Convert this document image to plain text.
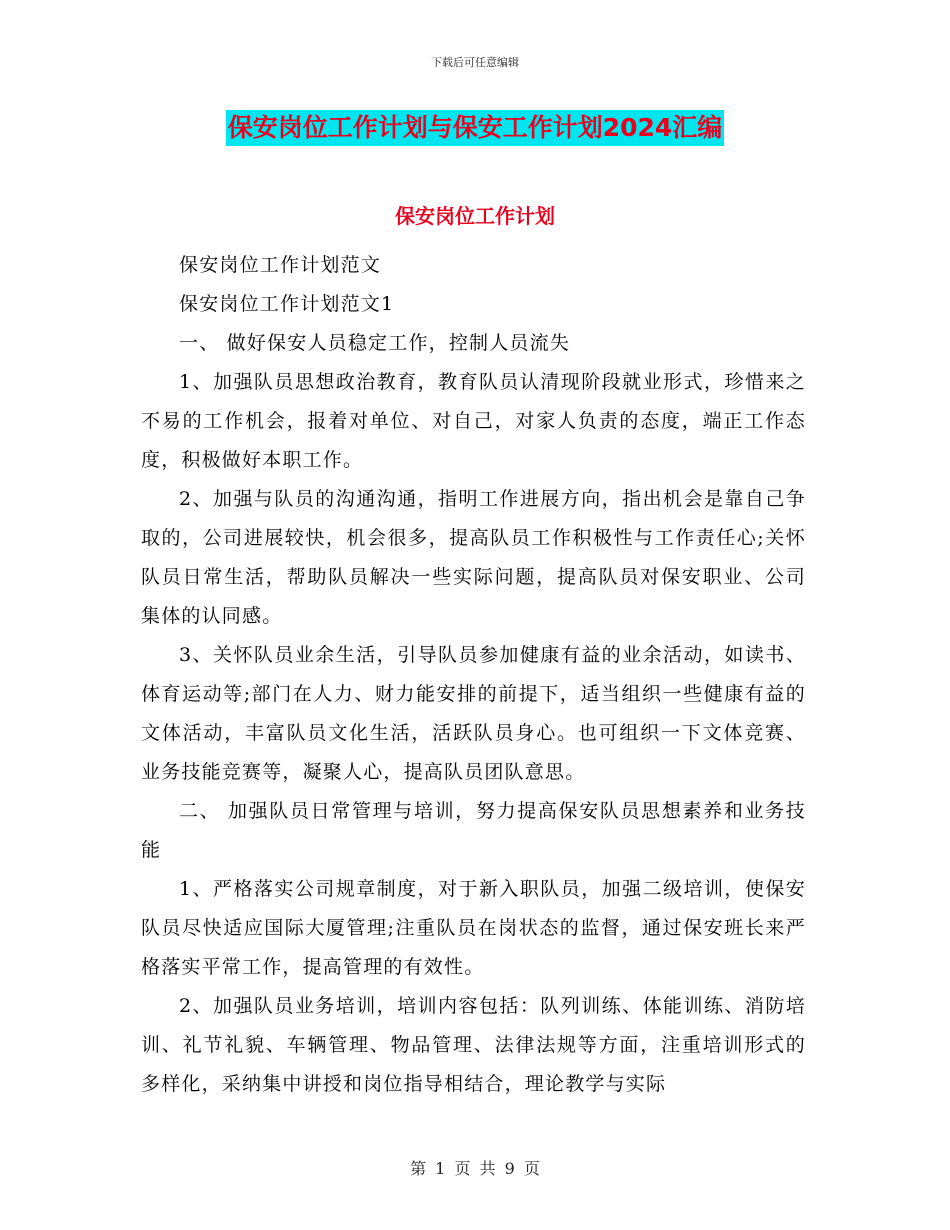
下载后可任意编辑
保安岗位工作计划与保安工作计划2024汇编
保安岗位工作计划

保安岗位工作计划范文

保安岗位工作计划范文1

一、 做好保安人员稳定工作，控制人员流失

1、加强队员思想政治教育，教育队员认清现阶段就业形式，珍惜来之不易的工作机会，报着对单位、对自己，对家人负责的态度，端正工作态度，积极做好本职工作。

2、加强与队员的沟通沟通，指明工作进展方向，指出机会是靠自己争取的，公司进展较快，机会很多，提高队员工作积极性与工作责任心;关怀队员日常生活，帮助队员解决一些实际问题，提高队员对保安职业、公司集体的认同感。

3、关怀队员业余生活，引导队员参加健康有益的业余活动，如读书、体育运动等;部门在人力、财力能安排的前提下，适当组织一些健康有益的文体活动，丰富队员文化生活，活跃队员身心。也可组织一下文体竞赛、业务技能竞赛等，凝聚人心，提高队员团队意思。

二、 加强队员日常管理与培训，努力提高保安队员思想素养和业务技能

1、严格落实公司规章制度，对于新入职队员，加强二级培训，使保安队员尽快适应国际大厦管理;注重队员在岗状态的监督，通过保安班长来严格落实平常工作，提高管理的有效性。

2、加强队员业务培训，培训内容包括：队列训练、体能训练、消防培训、礼节礼貌、车辆管理、物品管理、法律法规等方面，注重培训形式的多样化，采纳集中讲授和岗位指导相结合，理论教学与实际

第 1 页 共 9 页
